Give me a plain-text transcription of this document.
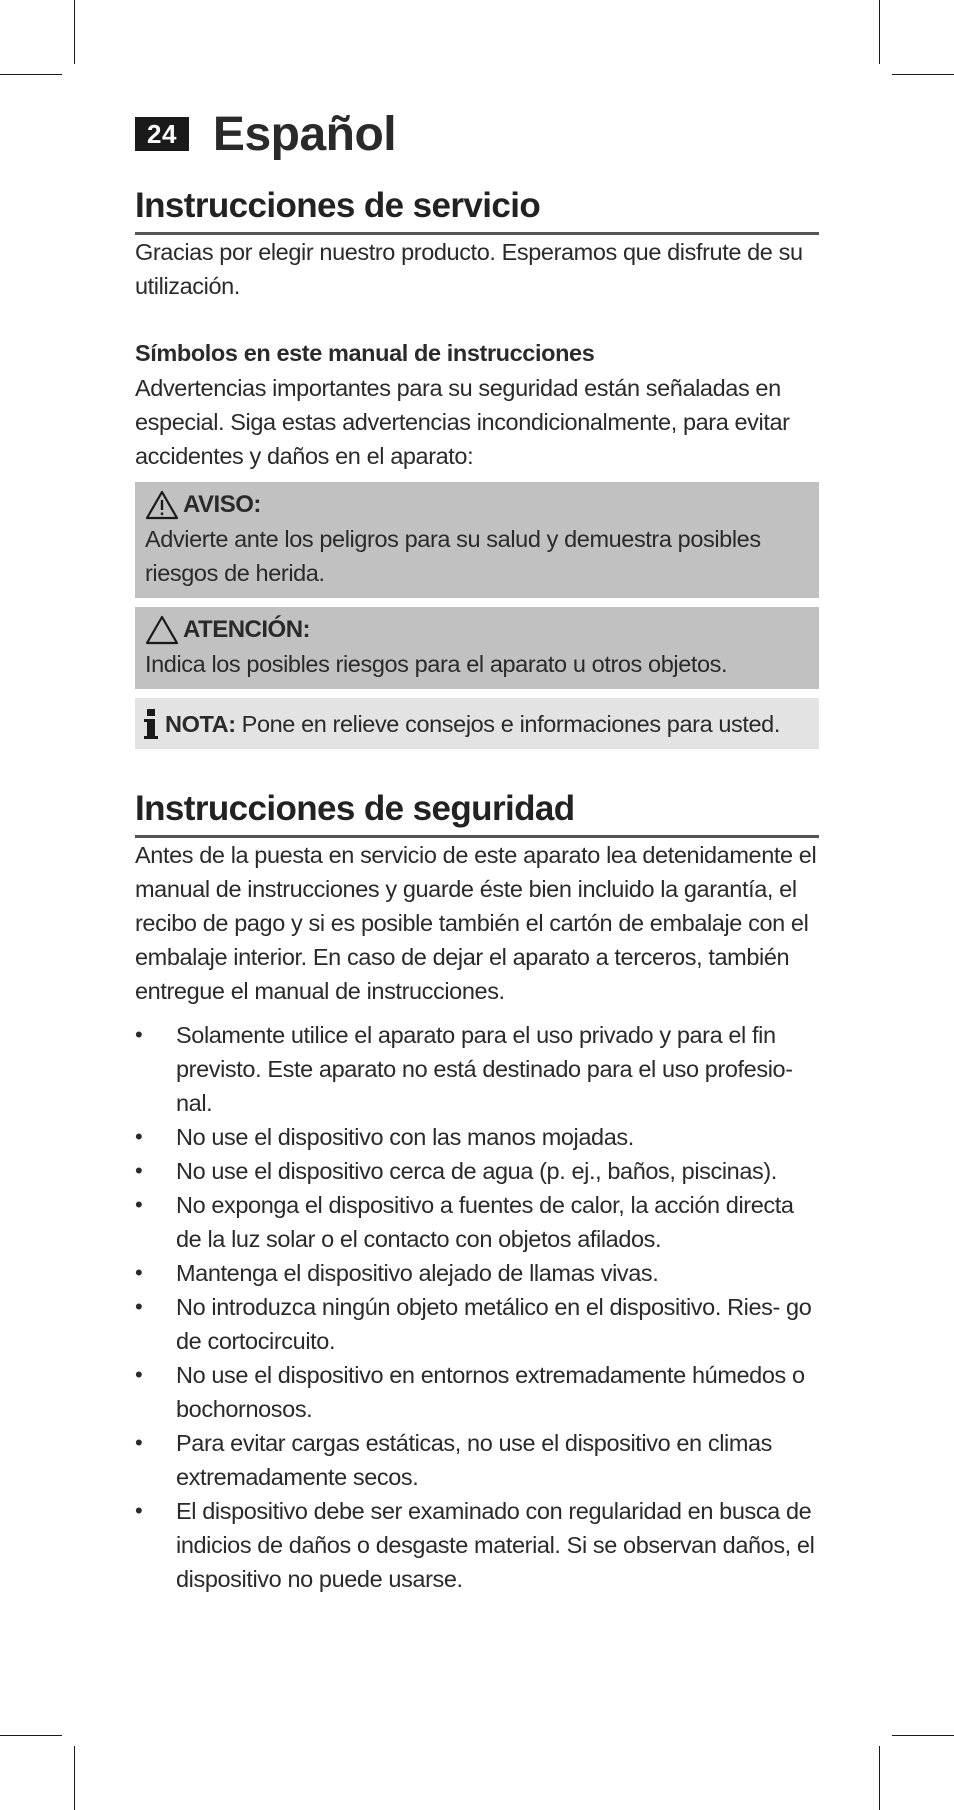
24 Español
Instrucciones de servicio

Gracias por elegir nuestro producto. Esperamos que disfrute de su utilización.

Símbolos en este manual de instrucciones

Advertencias importantes para su seguridad están señaladas en especial. Siga estas advertencias incondicionalmente, para evitar accidentes y daños en el aparato:

AVISO:
Advierte ante los peligros para su salud y demuestra posibles riesgos de herida.
ATENCIÓN:
Indica los posibles riesgos para el aparato u otros objetos.
NOTA: Pone en relieve consejos e informaciones para usted.
Instrucciones de seguridad

Antes de la puesta en servicio de este aparato lea detenidamente el manual de instrucciones y guarde éste bien incluido la garantía, el recibo de pago y si es posible también el cartón de embalaje con el embalaje interior. En caso de dejar el aparato a terceros, también entregue el manual de instrucciones.

• Solamente utilice el aparato para el uso privado y para el fin previsto. Este aparato no está destinado para el uso profesio- nal.
• No use el dispositivo con las manos mojadas.
• No use el dispositivo cerca de agua (p. ej., baños, piscinas).
• No exponga el dispositivo a fuentes de calor, la acción directa de la luz solar o el contacto con objetos afilados.
• Mantenga el dispositivo alejado de llamas vivas.
• No introduzca ningún objeto metálico en el dispositivo. Ries- go de cortocircuito.
• No use el dispositivo en entornos extremadamente húmedos o bochornosos.
• Para evitar cargas estáticas, no use el dispositivo en climas extremadamente secos.
• El dispositivo debe ser examinado con regularidad en busca de indicios de daños o desgaste material. Si se observan daños, el dispositivo no puede usarse.
